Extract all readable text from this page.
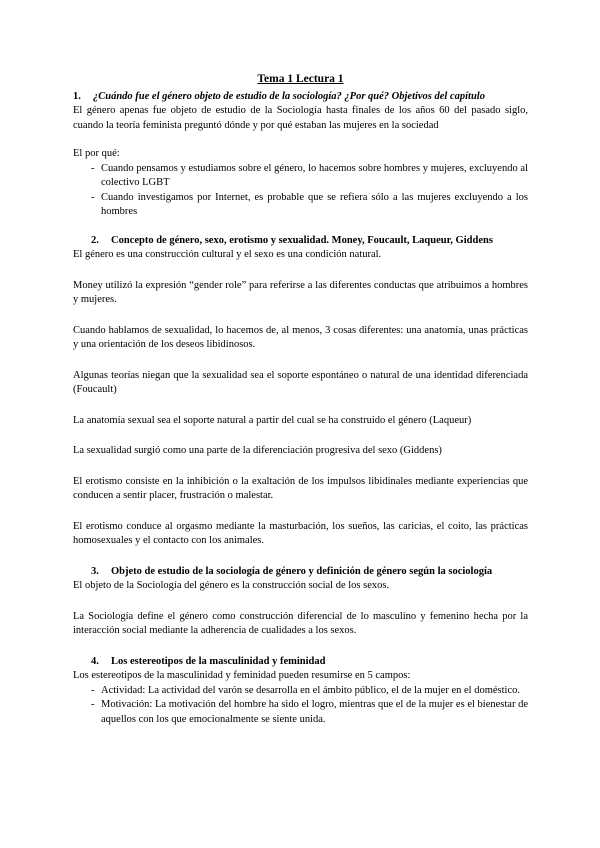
Tema 1 Lectura 1
1.	¿Cuándo fue el género objeto de estudio de la sociología? ¿Por qué? Objetivos del capítulo

El género apenas fue objeto de estudio de la Sociología hasta finales de los años 60 del pasado siglo, cuando la teoría feminista preguntó dónde y por qué estaban las mujeres en la sociedad

El por qué:

- Cuando pensamos y estudiamos sobre el género, lo hacemos sobre hombres y mujeres, excluyendo al colectivo LGBT
- Cuando investigamos por Internet, es probable que se refiera sólo a las mujeres excluyendo a los hombres
2.	Concepto de género, sexo, erotismo y sexualidad. Money, Foucault, Laqueur, Giddens

El género es una construcción cultural y el sexo es una condición natural.

Money utilizó la expresión “gender role” para referirse a las diferentes conductas que atribuimos a hombres y mujeres.

Cuando hablamos de sexualidad, lo hacemos de, al menos, 3 cosas diferentes: una anatomía, unas prácticas y una orientación de los deseos libidinosos.

Algunas teorías niegan que la sexualidad sea el soporte espontáneo o natural de una identidad diferenciada (Foucault)

La anatomía sexual sea el soporte natural a partir del cual se ha construido el género (Laqueur)

La sexualidad surgió como una parte de la diferenciación progresiva del sexo (Giddens)

El erotismo consiste en la inhibición o la exaltación de los impulsos libidinales mediante experiencias que conducen a sentir placer, frustración o malestar.

El erotismo conduce al orgasmo mediante la masturbación, los sueños, las caricias, el coito, las prácticas homosexuales y el contacto con los animales.

3.	Objeto de estudio de la sociología de género y definición de género según la sociología

El objeto de la Sociología del género es la construcción social de los sexos.

La Sociología define el género como construcción diferencial de lo masculino y femenino hecha por la interacción social mediante la adherencia de cualidades a los sexos.

4.	Los estereotipos de la masculinidad y feminidad

Los estereotipos de la masculinidad y feminidad pueden resumirse en 5 campos:

- Actividad: La actividad del varón se desarrolla en el ámbito público, el de la mujer en el doméstico.
- Motivación: La motivación del hombre ha sido el logro, mientras que el de la mujer es el bienestar de aquellos con los que emocionalmente se siente unida.
